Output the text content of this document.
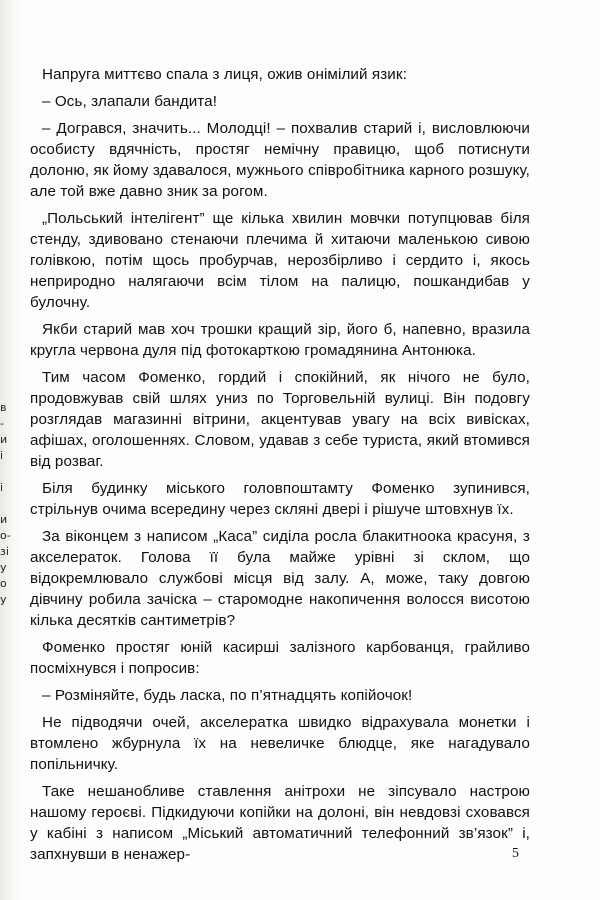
в
-
и
і
і
и
о-
зі
у
о
у

Напруга миттєво спала з лиця, ожив онімілий язик:

– Ось, злапали бандита!

– Догрався, значить... Молодці! – похвалив старий і, висловлюючи особисту вдячність, простяг немічну правицю, щоб потиснути долоню, як йому здавалося, мужнього співробітника карного розшуку, але той вже давно зник за рогом.

„Польський інтелігент” ще кілька хвилин мовчки потупцював біля стенду, здивовано стенаючи плечима й хитаючи маленькою сивою голівкою, потім щось пробурчав, нерозбірливо і сердито і, якось неприродно налягаючи всім тілом на палицю, пошкандибав у булочну.

Якби старий мав хоч трошки кращий зір, його б, напевно, вразила кругла червона дуля під фотокарткою громадянина Антонюка.

Тим часом Фоменко, гордий і спокійний, як нічого не було, продовжував свій шлях униз по Торговельній вулиці. Він подовгу розглядав магазинні вітрини, акцентував увагу на всіх вивісках, афішах, оголошеннях. Словом, удавав з себе туриста, який втомився від розваг.

Біля будинку міського головпоштамту Фоменко зупинився, стрільнув очима всередину через скляні двері і рішуче штовхнув їх.

За віконцем з написом „Каса” сиділа росла блакитноока красуня, з акселераток. Голова її була майже урівні зі склом, що відокремлювало службові місця від залу. А, може, таку довгою дівчину робила зачіска – старомодне накопичення волосся висотою кілька десятків сантиметрів?

Фоменко простяг юній касирші залізного карбованця, грайливо посміхнувся і попросив:

– Розміняйте, будь ласка, по п’ятнадцять копійочок!

Не підводячи очей, акселератка швидко відрахувала монетки і втомлено жбурнула їх на невеличке блюдце, яке нагадувало попільничку.

Таке нешанобливе ставлення анітрохи не зіпсувало настрою нашому героєві. Підкидуючи копійки на долоні, він невдовзі сховався у кабіні з написом „Міський автоматичний телефонний зв’язок” і, запхнувши в ненажер-	5
